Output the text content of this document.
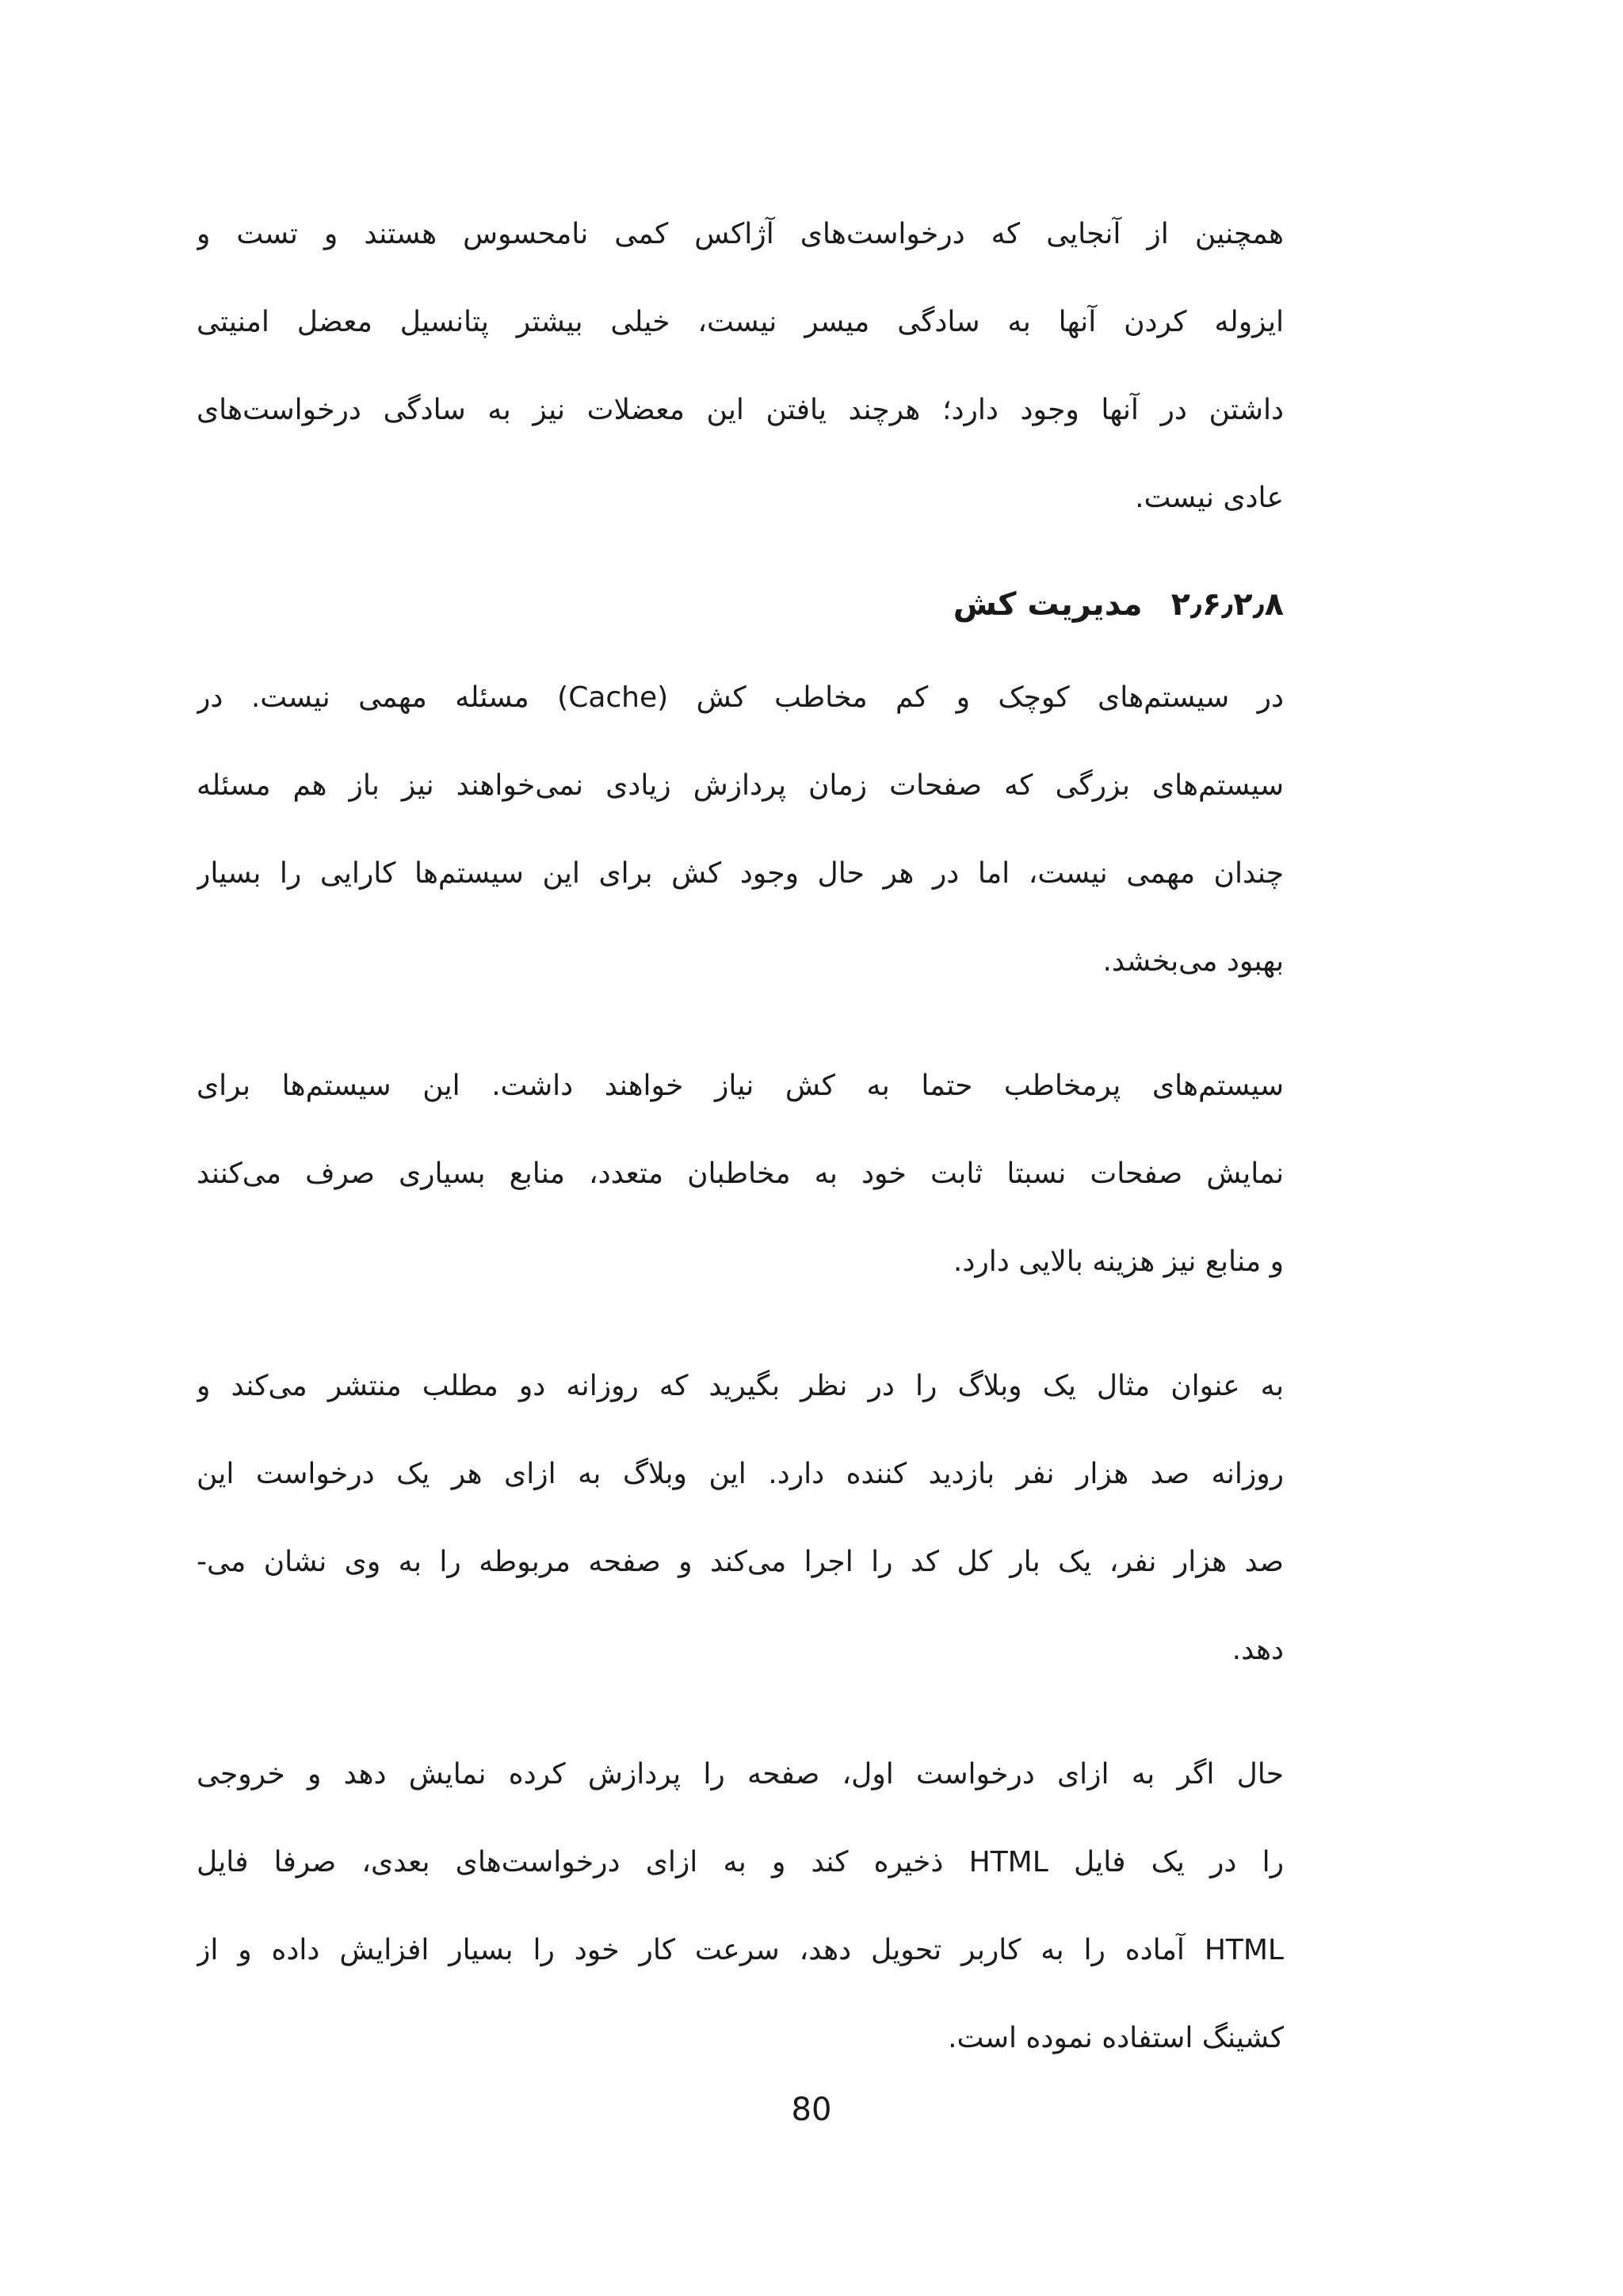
همچنین از آنجایی که درخواست‌های آژاکس کمی نامحسوس هستند و تست و
ایزوله کردن آنها به سادگی میسر نیست، خیلی بیشتر پتانسیل معضل امنیتی
داشتن در آنها وجود دارد؛ هرچند یافتن این معضلات نیز به سادگی درخواست‌های
عادی نیست.

۲٫۶٫۲٫۸ مدیریت کش

در سیستم‌های کوچک و کم مخاطب کش (Cache) مسئله مهمی نیست. در
سیستم‌های بزرگی که صفحات زمان پردازش زیادی نمی‌خواهند نیز باز هم مسئله
چندان مهمی نیست، اما در هر حال وجود کش برای این سیستم‌ها کارایی را بسیار
بهبود می‌بخشد.

سیستم‌های پرمخاطب حتما به کش نیاز خواهند داشت. این سیستم‌ها برای
نمایش صفحات نسبتا ثابت خود به مخاطبان متعدد، منابع بسیاری صرف می‌کنند
و منابع نیز هزینه بالایی دارد.

به عنوان مثال یک وبلاگ را در نظر بگیرید که روزانه دو مطلب منتشر می‌کند و
روزانه صد هزار نفر بازدید کننده دارد. این وبلاگ به ازای هر یک درخواست این
صد هزار نفر، یک بار کل کد را اجرا می‌کند و صفحه مربوطه را به وی نشان می-
دهد.

حال اگر به ازای درخواست اول، صفحه را پردازش کرده نمایش دهد و خروجی
را در یک فایل HTML ذخیره کند و به ازای درخواست‌های بعدی، صرفا فایل
HTML آماده را به کاربر تحویل دهد، سرعت کار خود را بسیار افزایش داده و از
کشینگ استفاده نموده است.

80
